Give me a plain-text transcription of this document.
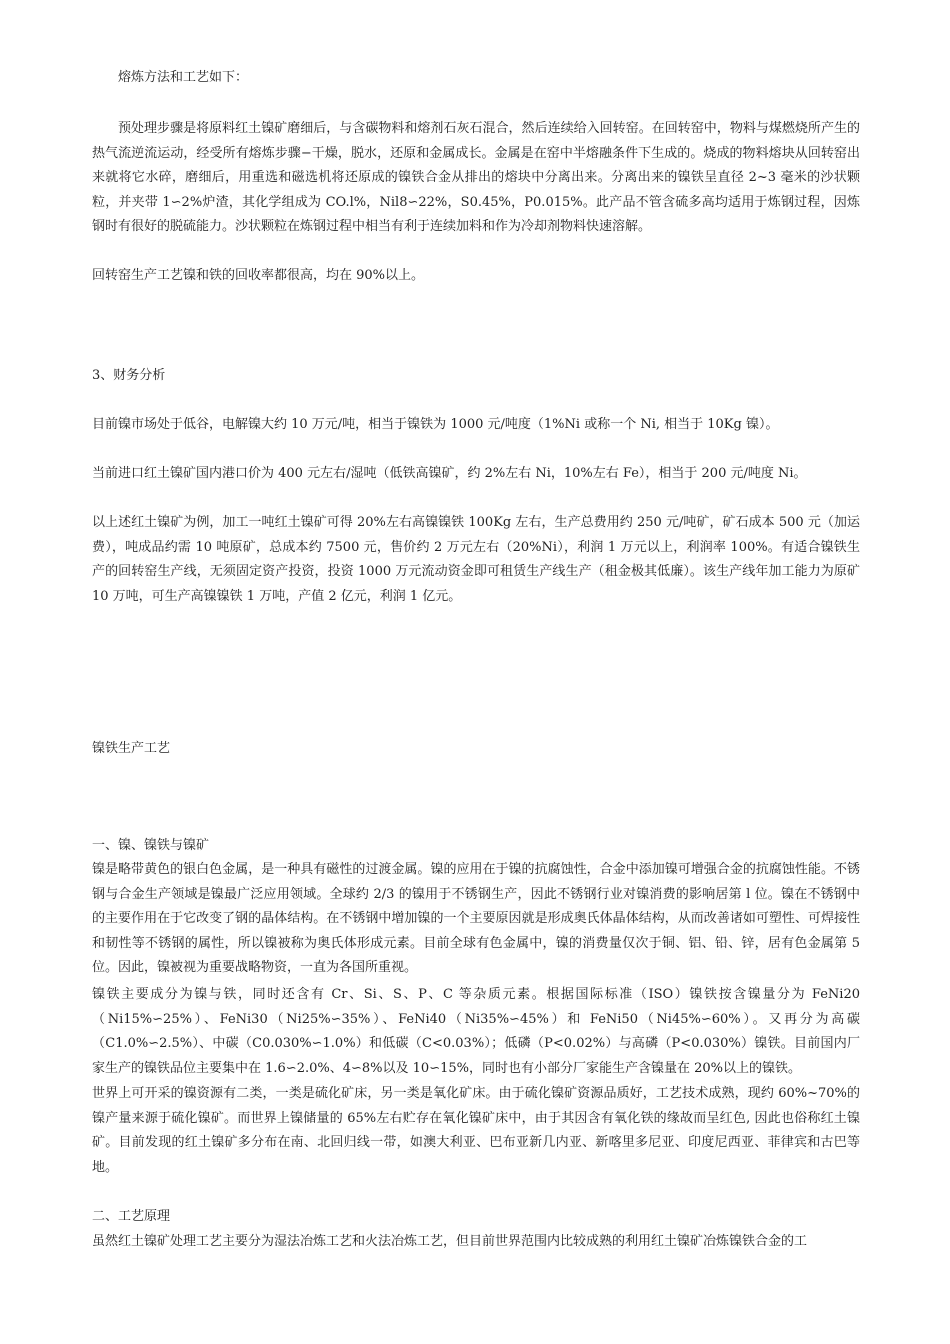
熔炼方法和工艺如下：

预处理步骤是将原料红土镍矿磨细后，与含碳物料和熔剂石灰石混合，然后连续给入回转窑。在回转窑中，物料与煤燃烧所产生的热气流逆流运动，经受所有熔炼步骤−干燥，脱水，还原和金属成长。金属是在窑中半熔融条件下生成的。烧成的物料熔块从回转窑出来就将它水碎，磨细后，用重选和磁选机将还原成的镍铁合金从排出的熔块中分离出来。分离出来的镍铁呈直径 2~3 毫米的沙状颗粒，并夹带 1∽2%炉渣，其化学组成为 CO.l%，Nil8∽22%，S0.45%，P0.015%。此产品不管含硫多高均适用于炼钢过程，因炼钢时有很好的脱硫能力。沙状颗粒在炼钢过程中相当有利于连续加料和作为冷却剂物料快速溶解。

回转窑生产工艺镍和铁的回收率都很高，均在 90%以上。

3、财务分析

目前镍市场处于低谷，电解镍大约 10 万元/吨，相当于镍铁为 1000 元/吨度（1%Ni 或称一个 Ni, 相当于 10Kg 镍）。

当前进口红土镍矿国内港口价为 400 元左右/湿吨（低铁高镍矿，约 2%左右 Ni，10%左右 Fe），相当于 200 元/吨度 Ni。

以上述红土镍矿为例，加工一吨红土镍矿可得 20%左右高镍镍铁 100Kg 左右，生产总费用约 250 元/吨矿，矿石成本 500 元（加运费），吨成品约需 10 吨原矿，总成本约 7500 元，售价约 2 万元左右（20%Ni），利润 1 万元以上，利润率 100%。有适合镍铁生产的回转窑生产线，无须固定资产投资，投资 1000 万元流动资金即可租赁生产线生产（租金极其低廉）。该生产线年加工能力为原矿 10 万吨，可生产高镍镍铁 1 万吨，产值 2 亿元，利润 1 亿元。

镍铁生产工艺

一、镍、镍铁与镍矿

镍是略带黄色的银白色金属，是一种具有磁性的过渡金属。镍的应用在于镍的抗腐蚀性，合金中添加镍可增强合金的抗腐蚀性能。不锈钢与合金生产领域是镍最广泛应用领域。全球约 2/3 的镍用于不锈钢生产，因此不锈钢行业对镍消费的影响居第 l 位。镍在不锈钢中的主要作用在于它改变了钢的晶体结构。在不锈钢中增加镍的一个主要原因就是形成奥氏体晶体结构，从而改善诸如可塑性、可焊接性和韧性等不锈钢的属性，所以镍被称为奥氏体形成元素。目前全球有色金属中，镍的消费量仅次于铜、铝、铅、锌，居有色金属第 5 位。因此，镍被视为重要战略物资，一直为各国所重视。

镍铁主要成分为镍与铁，同时还含有 Cr、Si、S、P、C 等杂质元素。根据国际标准（ISO）镍铁按含镍量分为 FeNi20（Ni15%∽25%）、FeNi30（Ni25%∽35%）、FeNi40（Ni35%∽45%）和 FeNi50（Ni45%∽60%）。又再分为高碳（C1.0%∽2.5%）、中碳（C0.030%∽1.0%）和低碳（C<0.03%）；低磷（P<0.02%）与高磷（P<0.030%）镍铁。目前国内厂家生产的镍铁品位主要集中在 1.6∽2.0%、4∽8%以及 10∽15%，同时也有小部分厂家能生产含镍量在 20%以上的镍铁。

世界上可开采的镍资源有二类，一类是硫化矿床，另一类是氧化矿床。由于硫化镍矿资源品质好，工艺技术成熟，现约 60%~70%的镍产量来源于硫化镍矿。而世界上镍储量的 65%左右贮存在氧化镍矿床中，由于其因含有氧化铁的缘故而呈红色, 因此也俗称红土镍矿。目前发现的红土镍矿多分布在南、北回归线一带，如澳大利亚、巴布亚新几内亚、新喀里多尼亚、印度尼西亚、菲律宾和古巴等地。

二、工艺原理

虽然红土镍矿处理工艺主要分为湿法冶炼工艺和火法冶炼工艺，但目前世界范围内比较成熟的利用红土镍矿冶炼镍铁合金的工
